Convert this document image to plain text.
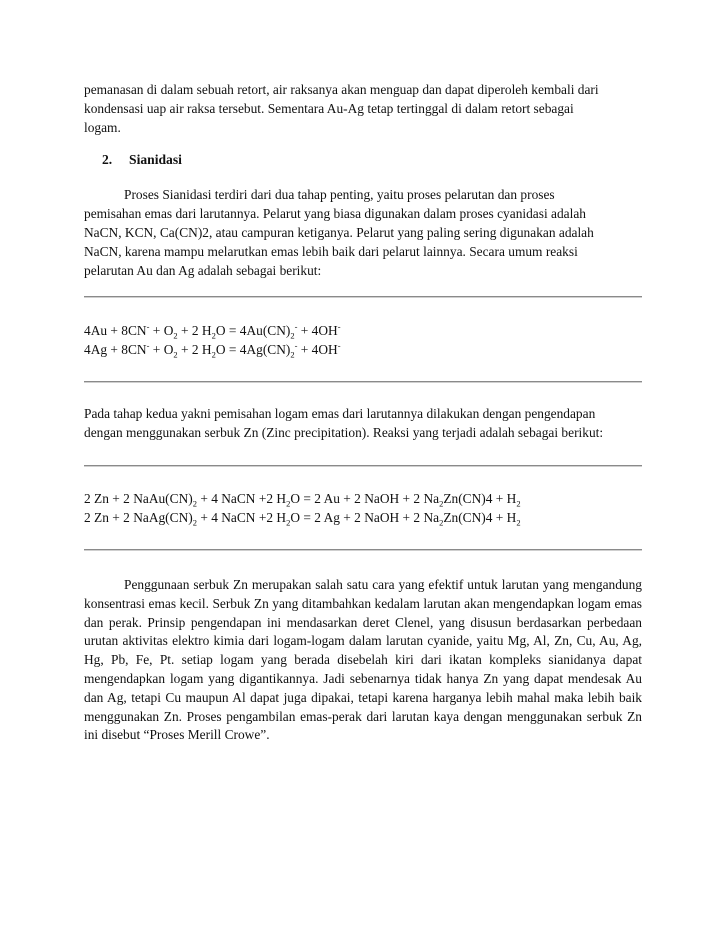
pemanasan di dalam sebuah retort, air raksanya akan menguap dan dapat diperoleh kembali dari

kondensasi uap air raksa tersebut. Sementara Au-Ag tetap tertinggal di dalam retort sebagai

logam.

2. Sianidasi

Proses Sianidasi terdiri dari dua tahap penting, yaitu proses pelarutan dan proses

pemisahan emas dari larutannya. Pelarut yang biasa digunakan dalam proses cyanidasi adalah

NaCN, KCN, Ca(CN)2, atau campuran ketiganya. Pelarut yang paling sering digunakan adalah

NaCN, karena mampu melarutkan emas lebih baik dari pelarut lainnya. Secara umum reaksi

pelarutan Au dan Ag adalah sebagai berikut:

$4Au + 8CN^- + O_2 + 2$ $H_2O = 4Au(CN)_2^- + 4OH^-$

$4Ag + 8CN^- + O_2 + 2$ $H_2O = 4Ag(CN)_2^- + 4OH^-$

Pada tahap kedua yakni pemisahan logam emas dari larutannya dilakukan dengan pengendapan

dengan menggunakan serbuk Zn (Zinc precipitation). Reaksi yang terjadi adalah sebagai berikut:

2 Zn + 2 $NaAu(CN)_2 + 4$ NaCN +2 $H_2O = 2$ Au + 2 NaOH + 2 $Na_2Zn(CN)4 + H_2$

2 Zn + 2 $NaAg(CN)_2 + 4$ NaCN +2 $H_2O = 2$ Ag + 2 NaOH + 2 $Na_2Zn(CN)4 + H_2$

Penggunaan serbuk Zn merupakan salah satu cara yang efektif untuk larutan yang mengandung konsentrasi emas kecil. Serbuk Zn yang ditambahkan kedalam larutan akan mengendapkan logam emas dan perak. Prinsip pengendapan ini mendasarkan deret Clenel, yang disusun berdasarkan perbedaan urutan aktivitas elektro kimia dari logam-logam dalam larutan cyanide, yaitu Mg, Al, Zn, Cu, Au, Ag, Hg, Pb, Fe, Pt. setiap logam yang berada disebelah kiri dari ikatan kompleks sianidanya dapat mengendapkan logam yang digantikannya. Jadi sebenarnya tidak hanya Zn yang dapat mendesak Au dan Ag, tetapi Cu maupun Al dapat juga dipakai, tetapi karena harganya lebih mahal maka lebih baik menggunakan Zn. Proses pengambilan emas-perak dari larutan kaya dengan menggunakan serbuk Zn ini disebut “Proses Merill Crowe”.
